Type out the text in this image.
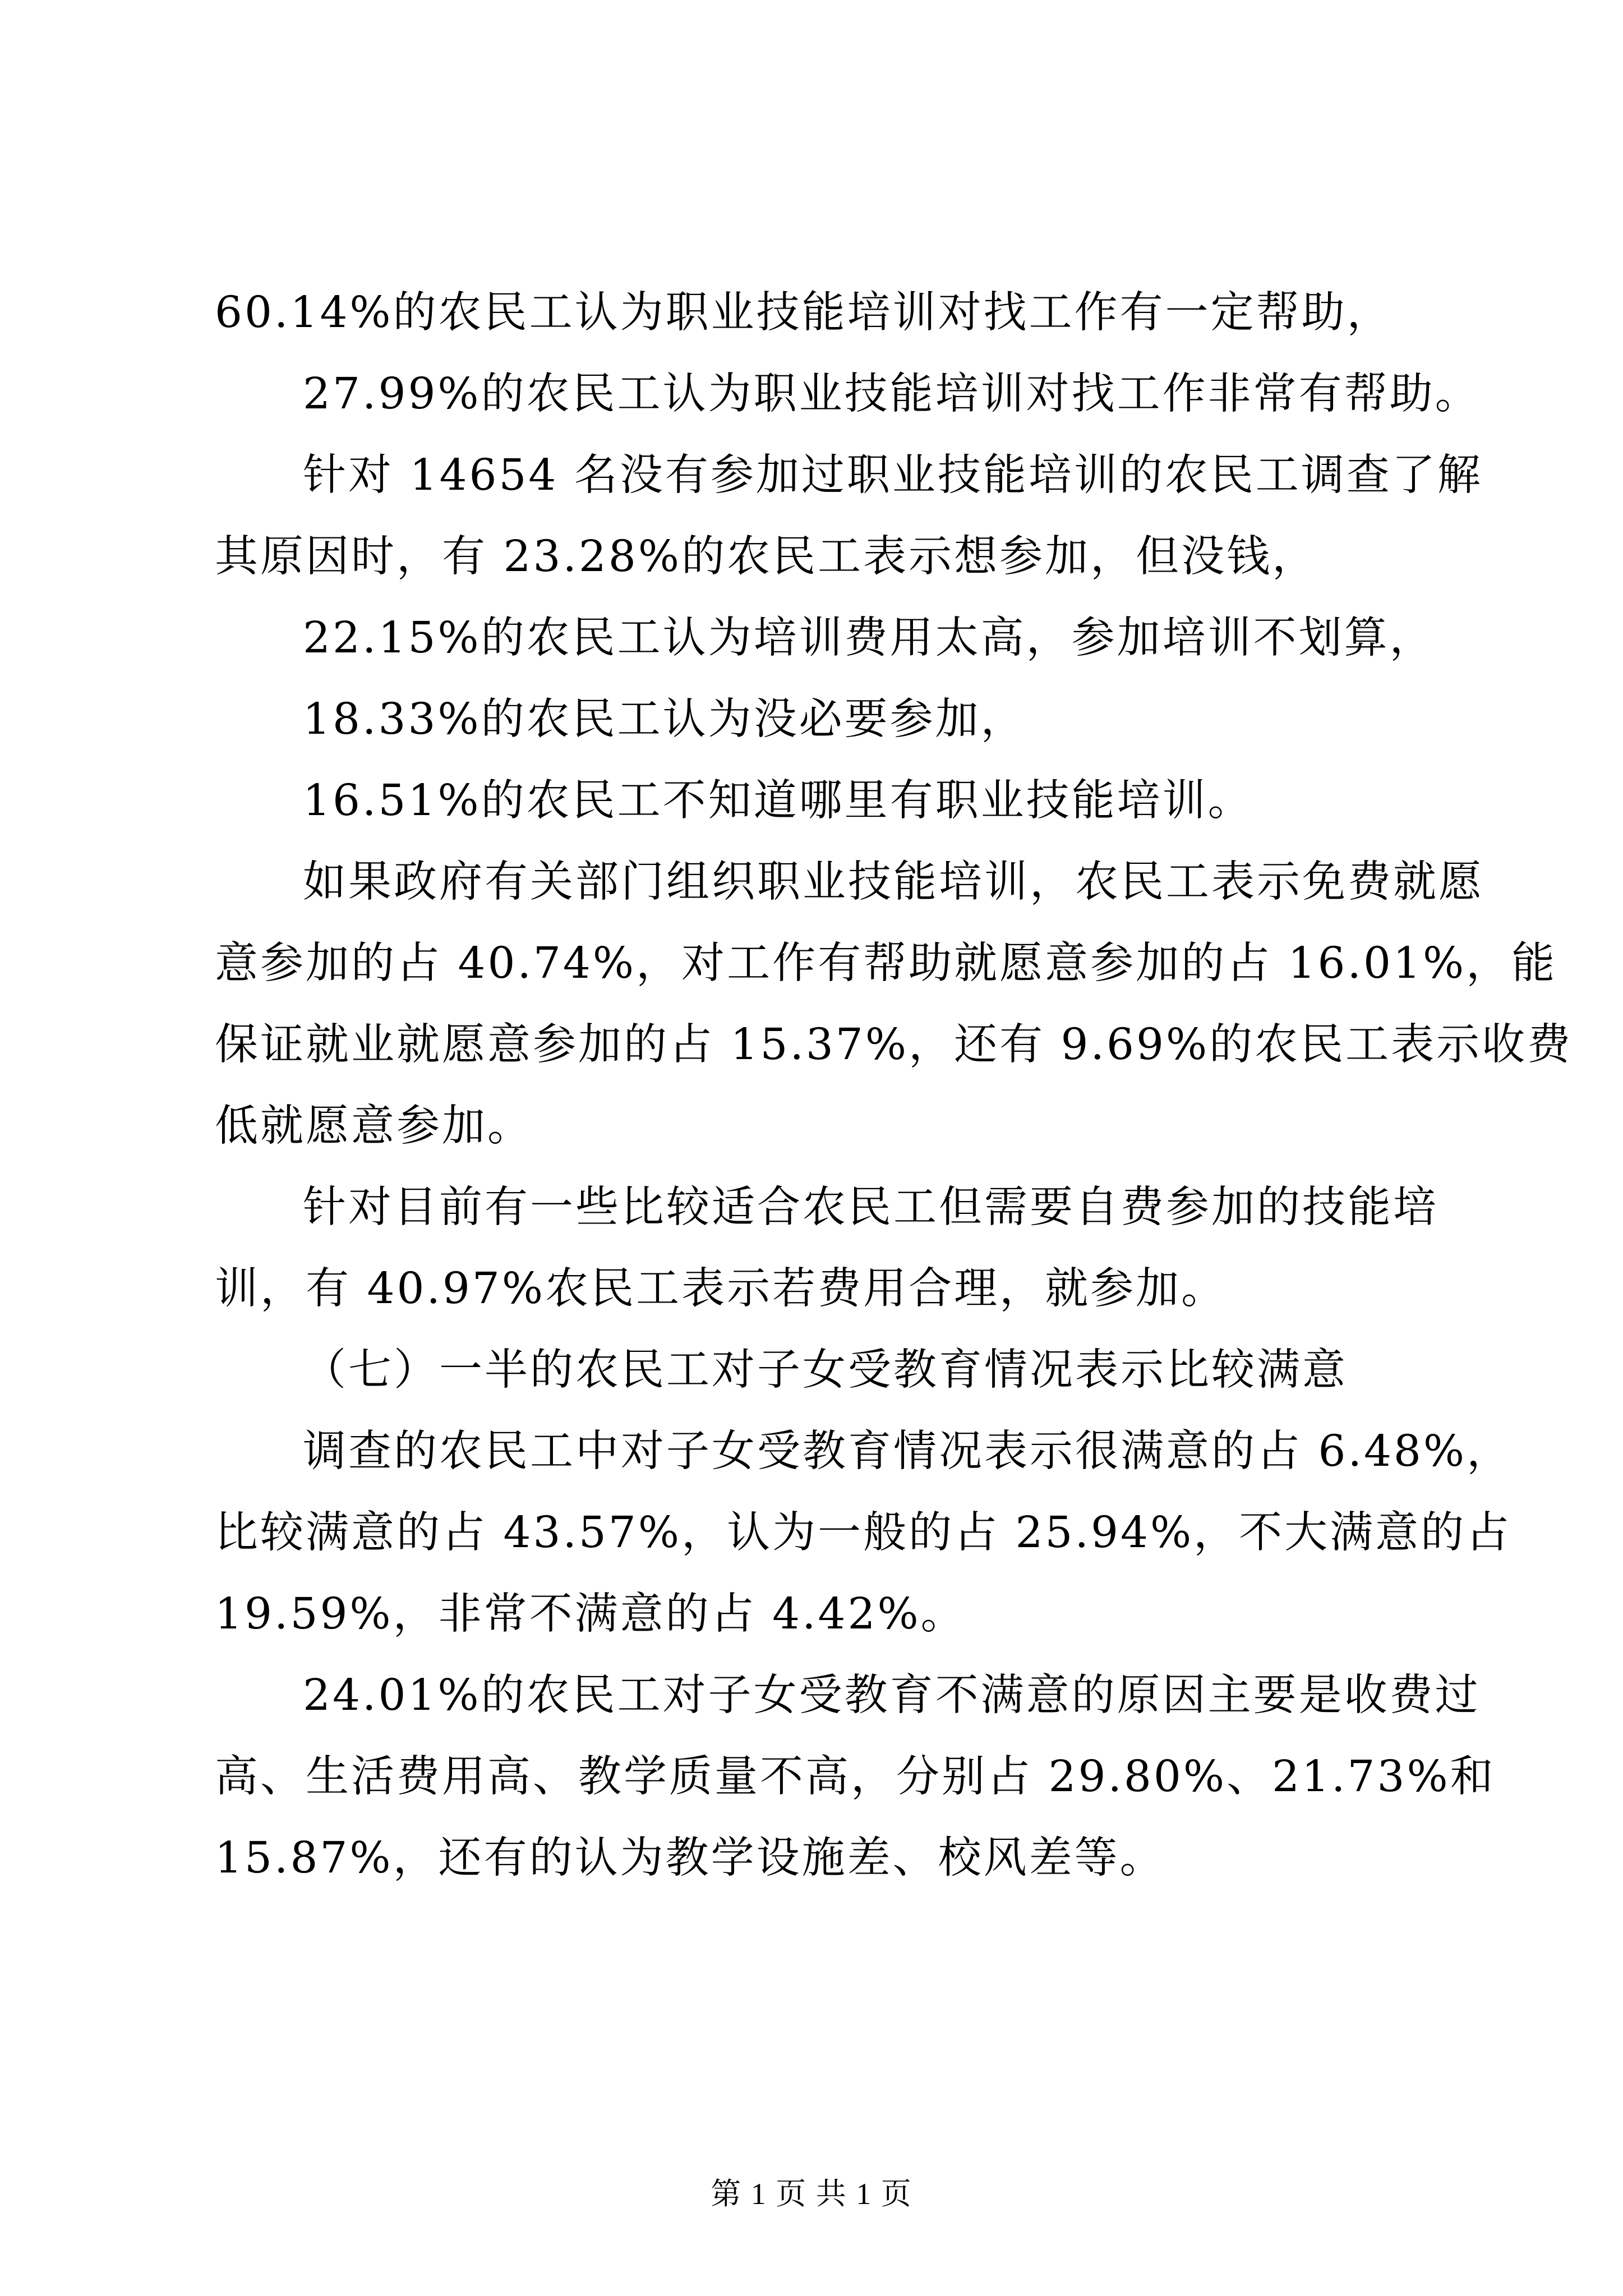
60.14%的农民工认为职业技能培训对找工作有一定帮助，
27.99%的农民工认为职业技能培训对找工作非常有帮助。
针对 14654 名没有参加过职业技能培训的农民工调查了解
其原因时，有 23.28%的农民工表示想参加，但没钱，
22.15%的农民工认为培训费用太高，参加培训不划算，
18.33%的农民工认为没必要参加，
16.51%的农民工不知道哪里有职业技能培训。
如果政府有关部门组织职业技能培训，农民工表示免费就愿
意参加的占 40.74%，对工作有帮助就愿意参加的占 16.01%，能
保证就业就愿意参加的占 15.37%，还有 9.69%的农民工表示收费
低就愿意参加。
针对目前有一些比较适合农民工但需要自费参加的技能培
训，有 40.97%农民工表示若费用合理，就参加。
（七）一半的农民工对子女受教育情况表示比较满意
调查的农民工中对子女受教育情况表示很满意的占 6.48%，
比较满意的占 43.57%，认为一般的占 25.94%，不大满意的占
19.59%，非常不满意的占 4.42%。
24.01%的农民工对子女受教育不满意的原因主要是收费过
高、生活费用高、教学质量不高，分别占 29.80%、21.73%和
15.87%，还有的认为教学设施差、校风差等。
第 1 页 共 1 页
